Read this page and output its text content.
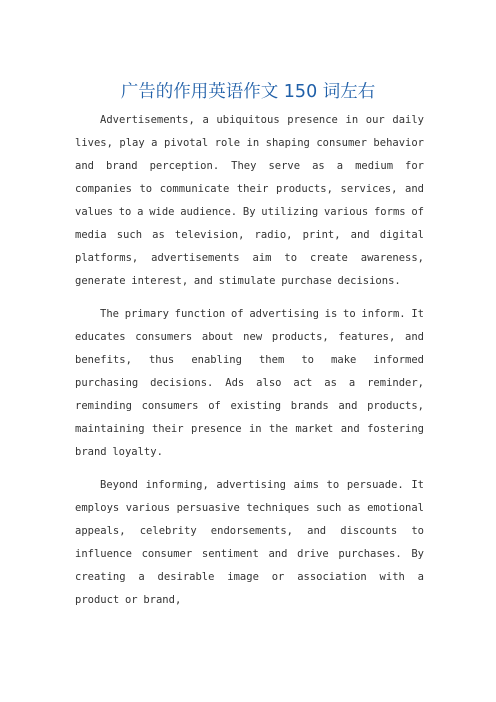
广告的作用英语作文 150 词左右

Advertisements, a ubiquitous presence in our daily lives, play a pivotal role in shaping consumer behavior and brand perception. They serve as a medium for companies to communicate their products, services, and values to a wide audience. By utilizing various forms of media such as television, radio, print, and digital platforms, advertisements aim to create awareness, generate interest, and stimulate purchase decisions.

The primary function of advertising is to inform. It educates consumers about new products, features, and benefits, thus enabling them to make informed purchasing decisions. Ads also act as a reminder, reminding consumers of existing brands and products, maintaining their presence in the market and fostering brand loyalty.

Beyond informing, advertising aims to persuade. It employs various persuasive techniques such as emotional appeals, celebrity endorsements, and discounts to influence consumer sentiment and drive purchases. By creating a desirable image or association with a product or brand,
